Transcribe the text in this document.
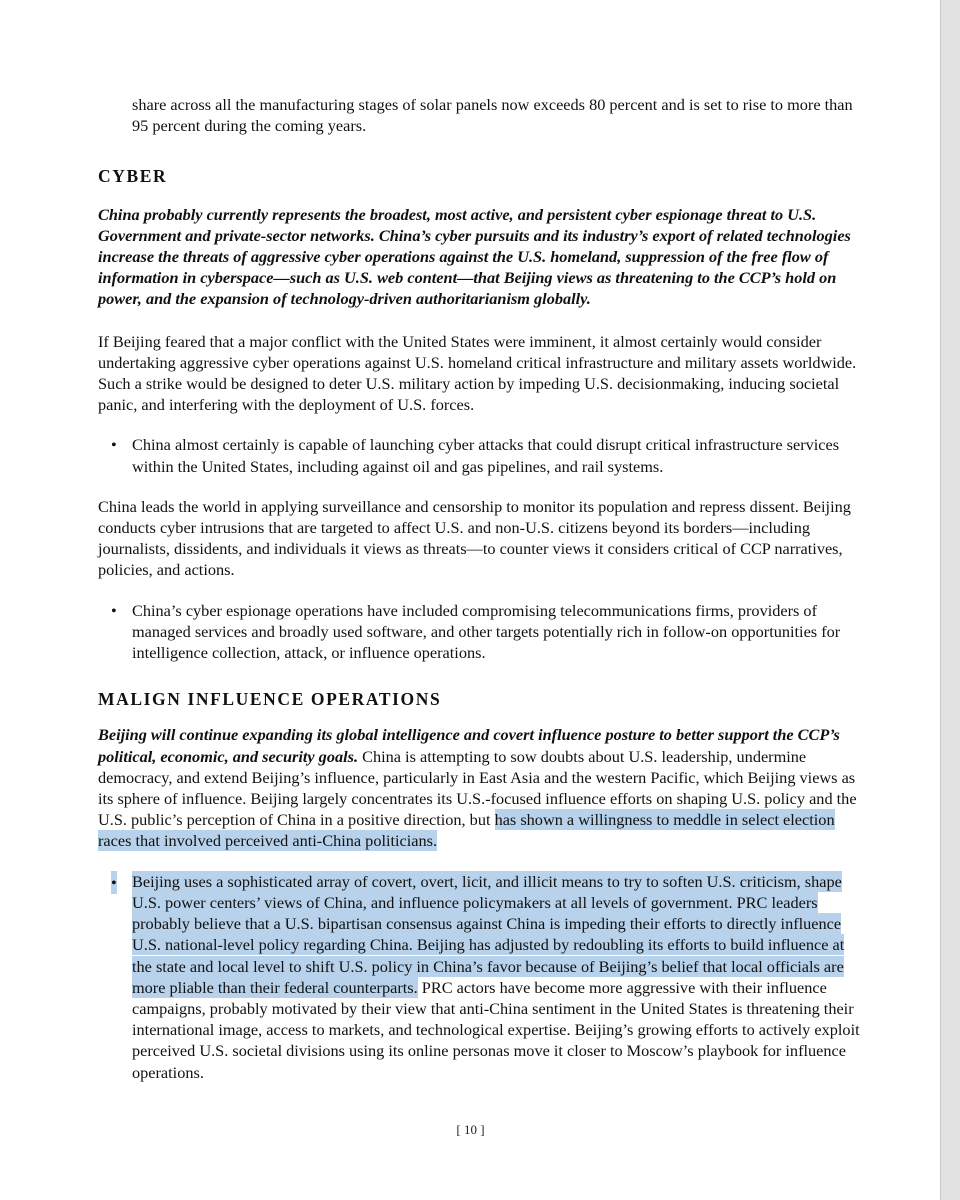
share across all the manufacturing stages of solar panels now exceeds 80 percent and is set to rise to more than 95 percent during the coming years.

CYBER

China probably currently represents the broadest, most active, and persistent cyber espionage threat to U.S. Government and private-sector networks. China’s cyber pursuits and its industry’s export of related technologies increase the threats of aggressive cyber operations against the U.S. homeland, suppression of the free flow of information in cyberspace—such as U.S. web content—that Beijing views as threatening to the CCP’s hold on power, and the expansion of technology-driven authoritarianism globally.

If Beijing feared that a major conflict with the United States were imminent, it almost certainly would consider undertaking aggressive cyber operations against U.S. homeland critical infrastructure and military assets worldwide. Such a strike would be designed to deter U.S. military action by impeding U.S. decisionmaking, inducing societal panic, and interfering with the deployment of U.S. forces.

• China almost certainly is capable of launching cyber attacks that could disrupt critical infrastructure services within the United States, including against oil and gas pipelines, and rail systems.

China leads the world in applying surveillance and censorship to monitor its population and repress dissent. Beijing conducts cyber intrusions that are targeted to affect U.S. and non-U.S. citizens beyond its borders—including journalists, dissidents, and individuals it views as threats—to counter views it considers critical of CCP narratives, policies, and actions.

• China’s cyber espionage operations have included compromising telecommunications firms, providers of managed services and broadly used software, and other targets potentially rich in follow-on opportunities for intelligence collection, attack, or influence operations.
MALIGN INFLUENCE OPERATIONS

Beijing will continue expanding its global intelligence and covert influence posture to better support the CCP’s political, economic, and security goals. China is attempting to sow doubts about U.S. leadership, undermine democracy, and extend Beijing’s influence, particularly in East Asia and the western Pacific, which Beijing views as its sphere of influence. Beijing largely concentrates its U.S.-focused influence efforts on shaping U.S. policy and the U.S. public’s perception of China in a positive direction, but has shown a willingness to meddle in select election races that involved perceived anti-China politicians.

• Beijing uses a sophisticated array of covert, overt, licit, and illicit means to try to soften U.S. criticism, shape U.S. power centers’ views of China, and influence policymakers at all levels of government. PRC leaders probably believe that a U.S. bipartisan consensus against China is impeding their efforts to directly influence U.S. national-level policy regarding China. Beijing has adjusted by redoubling its efforts to build influence at the state and local level to shift U.S. policy in China’s favor because of Beijing’s belief that local officials are more pliable than their federal counterparts. PRC actors have become more aggressive with their influence campaigns, probably motivated by their view that anti-China sentiment in the United States is threatening their international image, access to markets, and technological expertise. Beijing’s growing efforts to actively exploit perceived U.S. societal divisions using its online personas move it closer to Moscow’s playbook for influence operations.
[ 10 ]
